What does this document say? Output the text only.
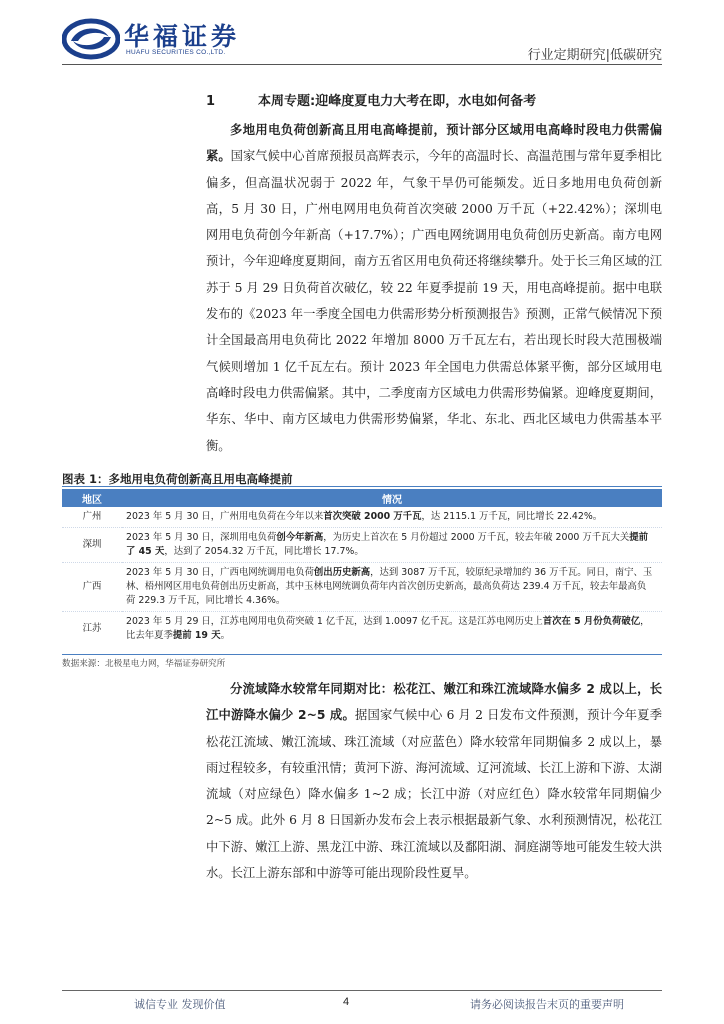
华福证券
HUAFU SECURITIES CO.,LTD.	行业定期研究|低碳研究
1	本周专题:迎峰度夏电力大考在即，水电如何备考

多地用电负荷创新高且用电高峰提前，预计部分区域用电高峰时段电力供需偏紧。国家气候中心首席预报员高辉表示，今年的高温时长、高温范围与常年夏季相比偏多，但高温状况弱于 2022 年，气象干旱仍可能频发。近日多地用电负荷创新高，5 月 30 日，广州电网用电负荷首次突破 2000 万千瓦（+22.42%）；深圳电网用电负荷创今年新高（+17.7%）；广西电网统调用电负荷创历史新高。南方电网预计，今年迎峰度夏期间，南方五省区用电负荷还将继续攀升。处于长三角区域的江苏于 5 月 29 日负荷首次破亿，较 22 年夏季提前 19 天，用电高峰提前。据中电联发布的《2023 年一季度全国电力供需形势分析预测报告》预测，正常气候情况下预计全国最高用电负荷比 2022 年增加 8000 万千瓦左右，若出现长时段大范围极端气候则增加 1 亿千瓦左右。预计 2023 年全国电力供需总体紧平衡，部分区域用电高峰时段电力供需偏紧。其中，二季度南方区域电力供需形势偏紧。迎峰度夏期间，华东、华中、南方区域电力供需形势偏紧，华北、东北、西北区域电力供需基本平衡。

图表 1：多地用电负荷创新高且用电高峰提前
地区	情况
广州	2023 年 5 月 30 日，广州用电负荷在今年以来首次突破 2000 万千瓦，达 2115.1 万千瓦，同比增长 22.42%。
深圳	2023 年 5 月 30 日，深圳用电负荷创今年新高，为历史上首次在 5 月份超过 2000 万千瓦，较去年破 2000 万千瓦大关提前了 45 天，达到了 2054.32 万千瓦，同比增长 17.7%。
广西	2023 年 5 月 30 日，广西电网统调用电负荷创出历史新高，达到 3087 万千瓦，较原纪录增加约 36 万千瓦。同日，南宁、玉林、梧州网区用电负荷创出历史新高，其中玉林电网统调负荷年内首次创历史新高，最高负荷达 239.4 万千瓦，较去年最高负荷 229.3 万千瓦，同比增长 4.36%。
江苏	2023 年 5 月 29 日，江苏电网用电负荷突破 1 亿千瓦，达到 1.0097 亿千瓦。这是江苏电网历史上首次在 5 月份负荷破亿，比去年夏季提前 19 天。
数据来源：北极星电力网，华福证券研究所

分流域降水较常年同期对比：松花江、嫩江和珠江流域降水偏多 2 成以上，长江中游降水偏少 2~5 成。据国家气候中心 6 月 2 日发布文件预测，预计今年夏季松花江流域、嫩江流域、珠江流域（对应蓝色）降水较常年同期偏多 2 成以上，暴雨过程较多，有较重汛情；黄河下游、海河流域、辽河流域、长江上游和下游、太湖流域（对应绿色）降水偏多 1~2 成；长江中游（对应红色）降水较常年同期偏少 2~5 成。此外 6 月 8 日国新办发布会上表示根据最新气象、水利预测情况，松花江中下游、嫩江上游、黑龙江中游、珠江流域以及鄱阳湖、洞庭湖等地可能发生较大洪水。长江上游东部和中游等可能出现阶段性夏旱。

诚信专业 发现价值	4	请务必阅读报告末页的重要声明
